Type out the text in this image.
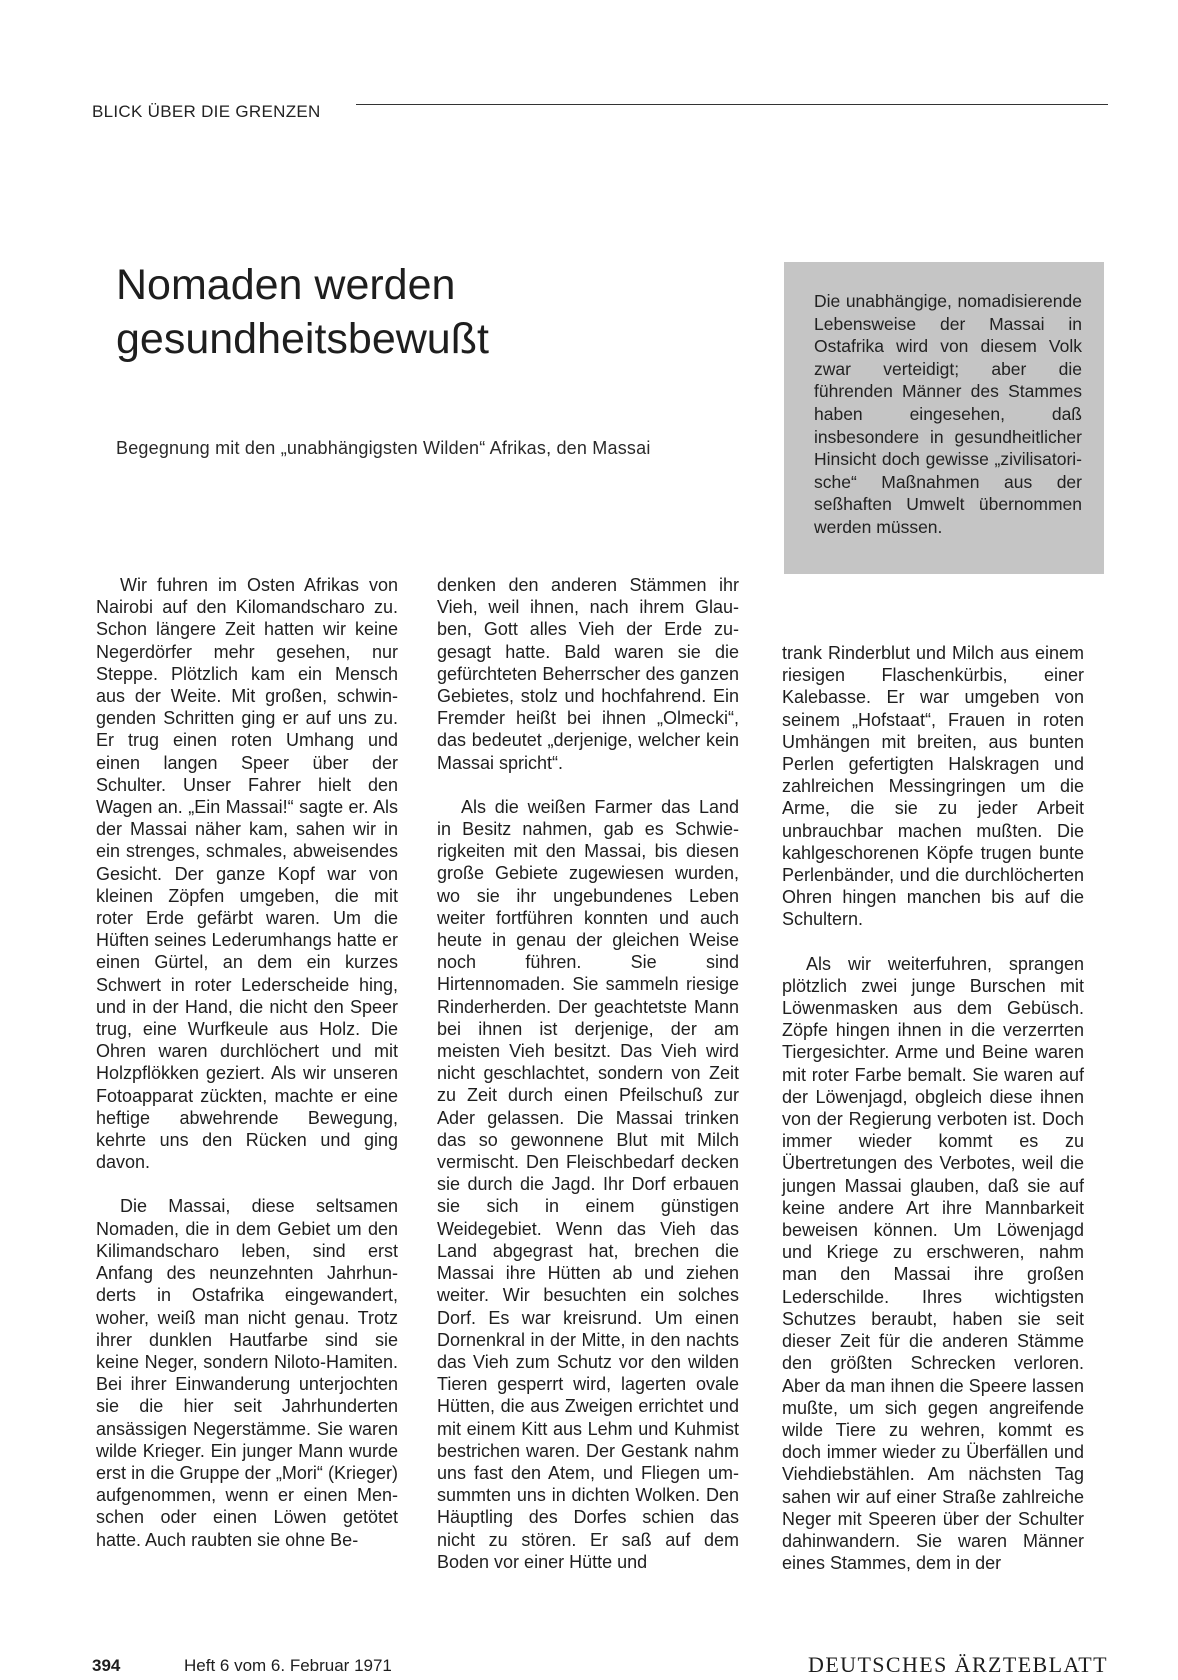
BLICK ÜBER DIE GRENZEN
Nomaden werden
gesundheitsbewußt
Begegnung mit den „unabhängigsten Wilden“ Afrikas, den Massai
Die unabhängige, nomadisierende Lebensweise der Massai in Ostafrika wird von diesem Volk zwar verteidigt; aber die führenden Männer des Stammes haben eingesehen, daß insbesondere in gesundheitlicher Hinsicht doch gewisse „zivilisatorische“ Maßnahmen aus der seßhaften Umwelt übernommen werden müssen.

Wir fuhren im Osten Afrikas von Nairobi auf den Kilomandscharo zu. Schon längere Zeit hatten wir keine Negerdörfer mehr gesehen, nur Steppe. Plötzlich kam ein Mensch aus der Weite. Mit großen, schwingenden Schritten ging er auf uns zu. Er trug einen roten Umhang und einen langen Speer über der Schulter. Unser Fahrer hielt den Wagen an. „Ein Massai!“ sagte er. Als der Massai näher kam, sahen wir in ein strenges, schmales, abweisendes Gesicht. Der ganze Kopf war von kleinen Zöpfen umgeben, die mit roter Erde gefärbt waren. Um die Hüften seines Lederumhangs hatte er einen Gürtel, an dem ein kurzes Schwert in roter Lederscheide hing, und in der Hand, die nicht den Speer trug, eine Wurfkeule aus Holz. Die Ohren waren durchlöchert und mit Holzpflökken geziert. Als wir unseren Fotoapparat zückten, machte er eine heftige abwehrende Bewegung, kehrte uns den Rücken und ging davon.

Die Massai, diese seltsamen Nomaden, die in dem Gebiet um den Kilimandscharo leben, sind erst Anfang des neunzehnten Jahrhunderts in Ostafrika eingewandert, woher, weiß man nicht genau. Trotz ihrer dunklen Hautfarbe sind sie keine Neger, sondern Niloto-Hamiten. Bei ihrer Einwanderung unterjochten sie die hier seit Jahrhunderten ansässigen Negerstämme. Sie waren wilde Krieger. Ein junger Mann wurde erst in die Gruppe der „Mori“ (Krieger) aufgenommen, wenn er einen Menschen oder einen Löwen getötet hatte. Auch raubten sie ohne Be-

denken den anderen Stämmen ihr Vieh, weil ihnen, nach ihrem Glauben, Gott alles Vieh der Erde zugesagt hatte. Bald waren sie die gefürchteten Beherrscher des ganzen Gebietes, stolz und hochfahrend. Ein Fremder heißt bei ihnen „Olmecki“, das bedeutet „derjenige, welcher kein Massai spricht“.

Als die weißen Farmer das Land in Besitz nahmen, gab es Schwierigkeiten mit den Massai, bis diesen große Gebiete zugewiesen wurden, wo sie ihr ungebundenes Leben weiter fortführen konnten und auch heute in genau der gleichen Weise noch führen. Sie sind Hirtennomaden. Sie sammeln riesige Rinderherden. Der geachtetste Mann bei ihnen ist derjenige, der am meisten Vieh besitzt. Das Vieh wird nicht geschlachtet, sondern von Zeit zu Zeit durch einen Pfeilschuß zur Ader gelassen. Die Massai trinken das so gewonnene Blut mit Milch vermischt. Den Fleischbedarf decken sie durch die Jagd. Ihr Dorf erbauen sie sich in einem günstigen Weidegebiet. Wenn das Vieh das Land abgegrast hat, brechen die Massai ihre Hütten ab und ziehen weiter. Wir besuchten ein solches Dorf. Es war kreisrund. Um einen Dornenkral in der Mitte, in den nachts das Vieh zum Schutz vor den wilden Tieren gesperrt wird, lagerten ovale Hütten, die aus Zweigen errichtet und mit einem Kitt aus Lehm und Kuhmist bestrichen waren. Der Gestank nahm uns fast den Atem, und Fliegen umsummten uns in dichten Wolken. Den Häuptling des Dorfes schien das nicht zu stören. Er saß auf dem Boden vor einer Hütte und

trank Rinderblut und Milch aus einem riesigen Flaschenkürbis, einer Kalebasse. Er war umgeben von seinem „Hofstaat“, Frauen in roten Umhängen mit breiten, aus bunten Perlen gefertigten Halskragen und zahlreichen Messingringen um die Arme, die sie zu jeder Arbeit unbrauchbar machen mußten. Die kahlgeschorenen Köpfe trugen bunte Perlenbänder, und die durchlöcherten Ohren hingen manchen bis auf die Schultern.

Als wir weiterfuhren, sprangen plötzlich zwei junge Burschen mit Löwenmasken aus dem Gebüsch. Zöpfe hingen ihnen in die verzerrten Tiergesichter. Arme und Beine waren mit roter Farbe bemalt. Sie waren auf der Löwenjagd, obgleich diese ihnen von der Regierung verboten ist. Doch immer wieder kommt es zu Übertretungen des Verbotes, weil die jungen Massai glauben, daß sie auf keine andere Art ihre Mannbarkeit beweisen können. Um Löwenjagd und Kriege zu erschweren, nahm man den Massai ihre großen Lederschilde. Ihres wichtigsten Schutzes beraubt, haben sie seit dieser Zeit für die anderen Stämme den größten Schrecken verloren. Aber da man ihnen die Speere lassen mußte, um sich gegen angreifende wilde Tiere zu wehren, kommt es doch immer wieder zu Überfällen und Viehdiebstählen. Am nächsten Tag sahen wir auf einer Straße zahlreiche Neger mit Speeren über der Schulter dahinwandern. Sie waren Männer eines Stammes, dem in der

394	Heft 6 vom 6. Februar 1971	DEUTSCHES ÄRZTEBLATT
